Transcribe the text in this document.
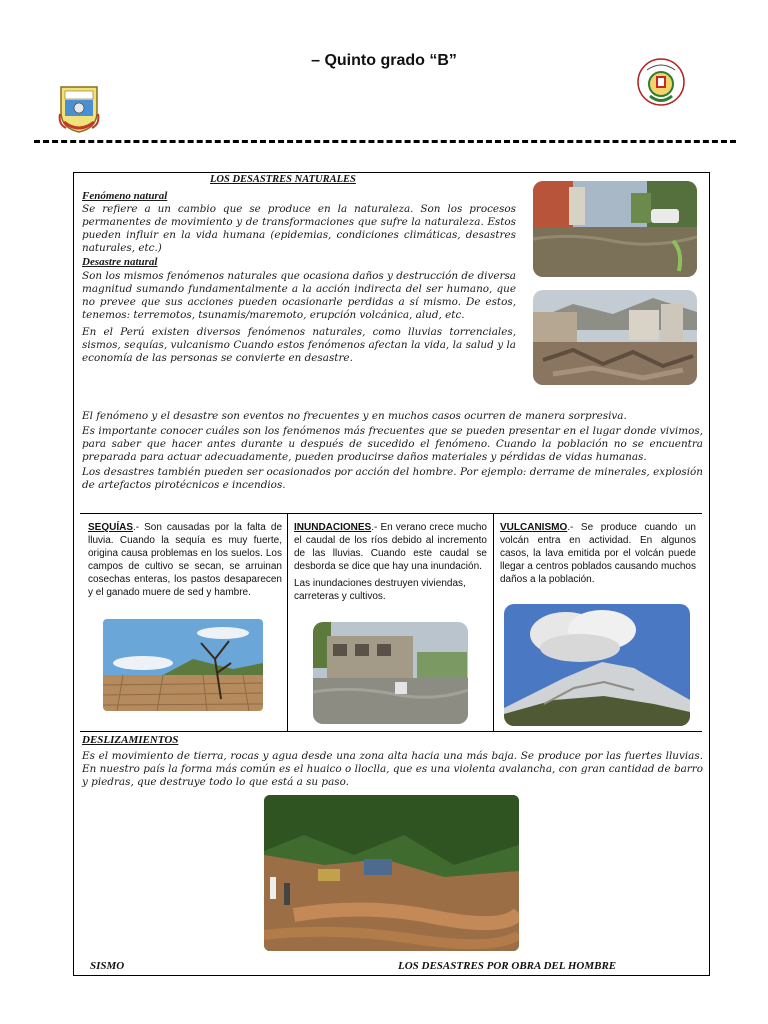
– Quinto grado “B”
LOS DESASTRES NATURALES
Fenómeno natural

Se refiere a un cambio que se produce en la naturaleza. Son los procesos permanentes de movimiento y de transformaciones que sufre la naturaleza. Estos pueden influir en la vida humana (epidemias, condiciones climáticas, desastres naturales, etc.)

Desastre natural

Son los mismos fenómenos naturales que ocasiona daños y destrucción de diversa magnitud sumando fundamentalmente a la acción indirecta del ser humano, que no prevee que sus acciones pueden ocasionarle perdidas a sí mismo. De estos, tenemos: terremotos, tsunamis/maremoto, erupción volcánica, alud, etc.

En el Perú existen diversos fenómenos naturales, como lluvias torrenciales, sismos, sequías, vulcanismo Cuando estos fenómenos afectan la vida, la salud y la economía de las personas se convierte en desastre.

El fenómeno y el desastre son eventos no frecuentes y en muchos casos ocurren de manera sorpresiva.

Es importante conocer cuáles son los fenómenos más frecuentes que se pueden presentar en el lugar donde vivimos, para saber que hacer antes durante u después de sucedido el fenómeno. Cuando la población no se encuentra preparada para actuar adecuadamente, pueden producirse daños materiales y pérdidas de vidas humanas.

Los desastres también pueden ser ocasionados por acción del hombre. Por ejemplo: derrame de minerales, explosión de artefactos pirotécnicos e incendios.

SEQUÍAS.- Son causadas por la falta de lluvia. Cuando la sequía es muy fuerte, origina causa problemas en los suelos. Los campos de cultivo se secan, se arruinan cosechas enteras, los pastos desaparecen y el ganado muere de sed y hambre.

INUNDACIONES.- En verano crece mucho el caudal de los ríos debido al incremento de las lluvias. Cuando este caudal se desborda se dice que hay una inundación.

Las inundaciones destruyen viviendas, carreteras y cultivos.

VULCANISMO.- Se produce cuando un volcán entra en actividad. En algunos casos, la lava emitida por el volcán puede llegar a centros poblados causando muchos daños a la población.

DESLIZAMIENTOS

Es el movimiento de tierra, rocas y agua desde una zona alta hacia una más baja. Se produce por las fuertes lluvias. En nuestro país la forma más común es el huaico o lloclla, que es una violenta avalancha, con gran cantidad de barro y piedras, que destruye todo lo que está a su paso.

SISMO	LOS DESASTRES POR OBRA DEL HOMBRE
